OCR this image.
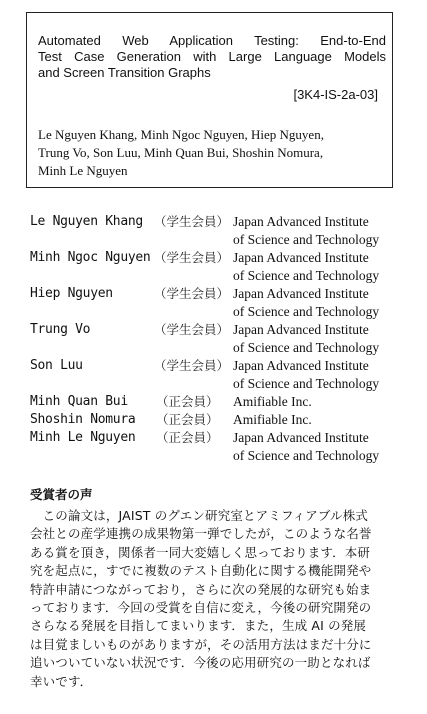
Automated Web Application Testing: End-to-End
Test Case Generation with Large Language Models
and Screen Transition Graphs
[3K4-IS-2a-03]
Le Nguyen Khang, Minh Ngoc Nguyen, Hiep Nguyen,
Trung Vo, Son Luu, Minh Quan Bui, Shoshin Nomura,
Minh Le Nguyen
Le Nguyen Khang （学生会員） Japan Advanced Institute
of Science and Technology
Minh Ngoc Nguyen （学生会員） Japan Advanced Institute
of Science and Technology
Hiep Nguyen	（学生会員） Japan Advanced Institute
of Science and Technology
Trung Vo	（学生会員） Japan Advanced Institute
of Science and Technology
Son Luu	（学生会員） Japan Advanced Institute
of Science and Technology
Minh Quan Bui （正会員） Amifiable Inc.
Shoshin Nomura （正会員） Amifiable Inc.
Minh Le Nguyen （正会員） Japan Advanced Institute
of Science and Technology
受賞者の声
　この論文は，JAIST のグエン研究室とアミフィアブル株式
会社との産学連携の成果物第一弾でしたが，このような名誉
ある賞を頂き，関係者一同大変嬉しく思っております．本研
究を起点に，すでに複数のテスト自動化に関する機能開発や
特許申請につながっており，さらに次の発展的な研究も始ま
っております．今回の受賞を自信に変え，今後の研究開発の
さらなる発展を目指してまいります．また，生成 AI の発展
は目覚ましいものがありますが，その活用方法はまだ十分に
追いついていない状況です．今後の応用研究の一助となれば
幸いです．
